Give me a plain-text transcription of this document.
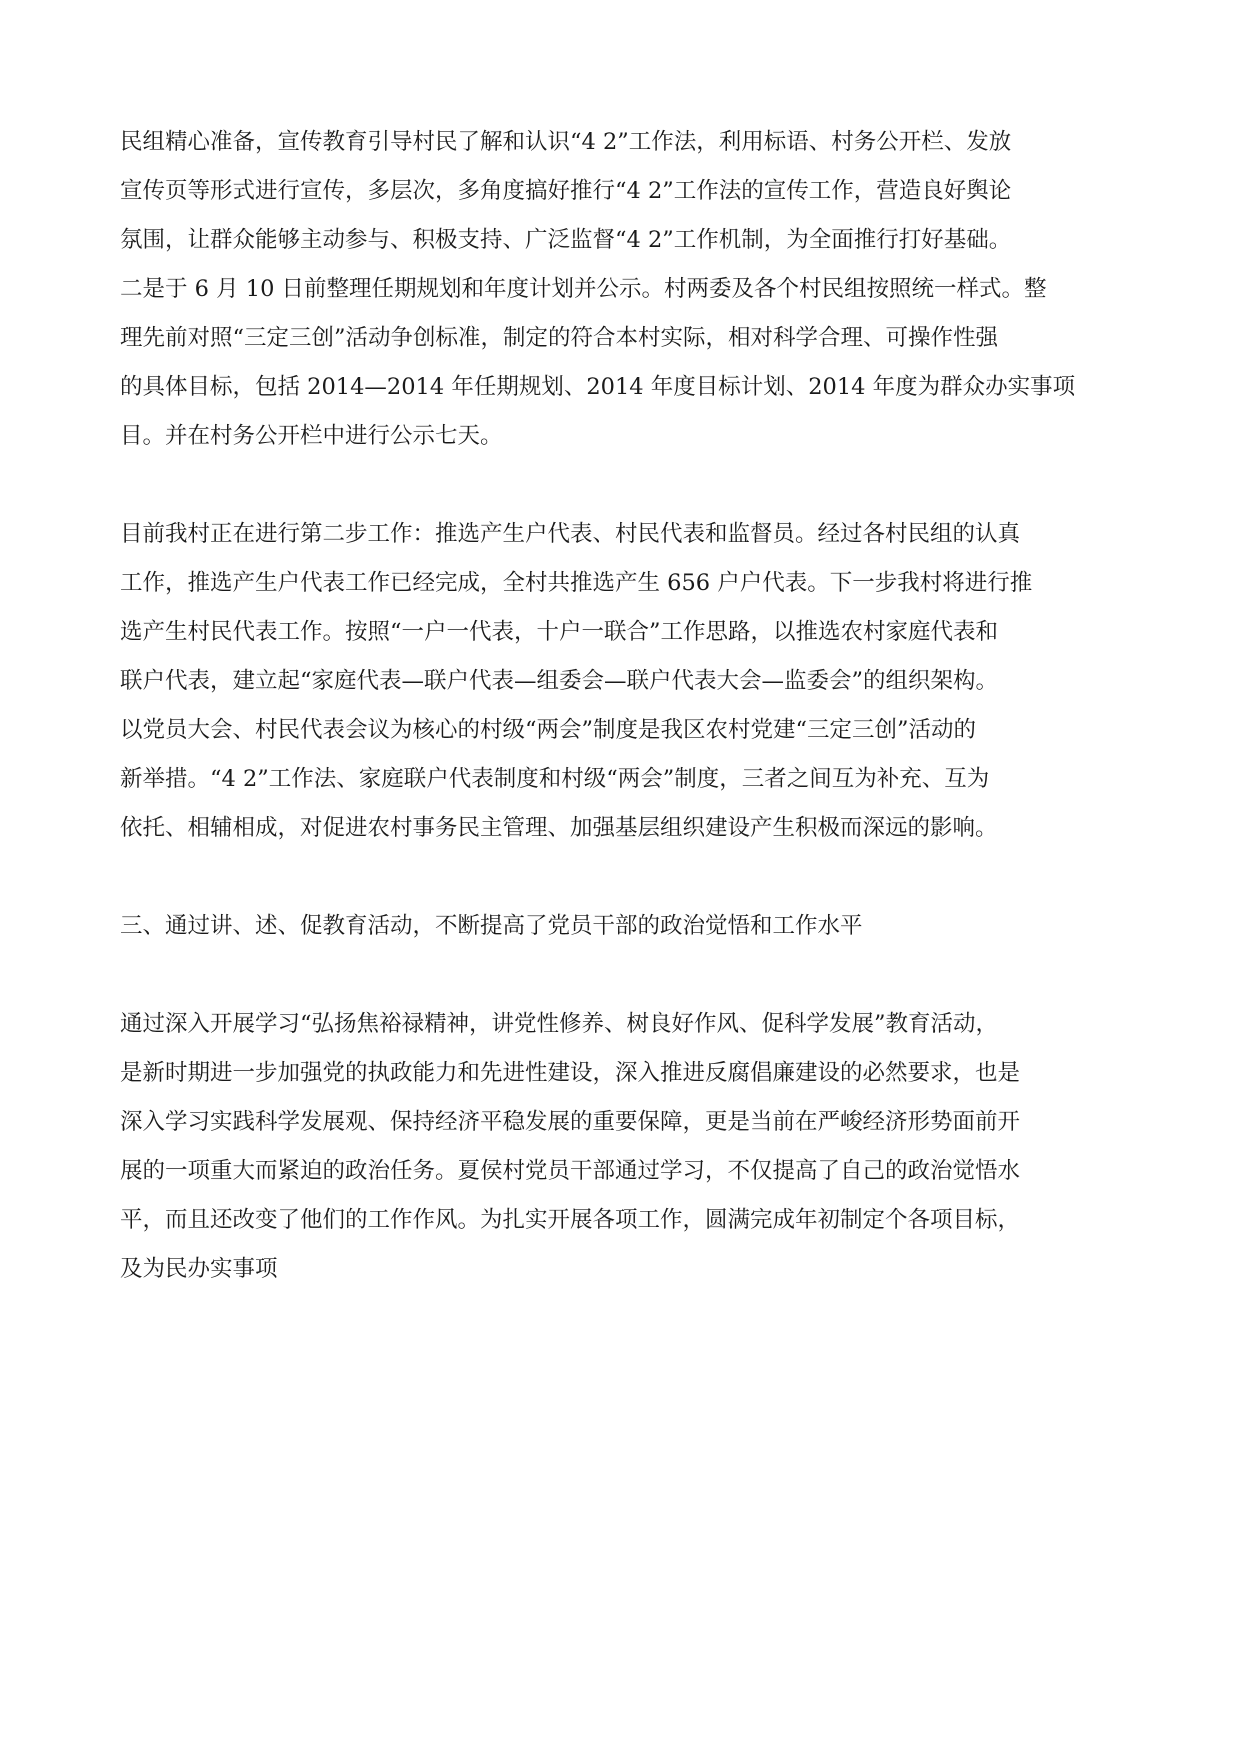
民组精心准备，宣传教育引导村民了解和认识“4 2”工作法，利用标语、村务公开栏、发放
宣传页等形式进行宣传，多层次，多角度搞好推行“4 2”工作法的宣传工作，营造良好舆论
氛围，让群众能够主动参与、积极支持、广泛监督“4 2”工作机制，为全面推行打好基础。
二是于 6 月 10 日前整理任期规划和年度计划并公示。村两委及各个村民组按照统一样式。整
理先前对照“三定三创”活动争创标准，制定的符合本村实际，相对科学合理、可操作性强
的具体目标，包括 2014—2014 年任期规划、2014 年度目标计划、2014 年度为群众办实事项
目。并在村务公开栏中进行公示七天。
目前我村正在进行第二步工作：推选产生户代表、村民代表和监督员。经过各村民组的认真
工作，推选产生户代表工作已经完成，全村共推选产生 656 户户代表。下一步我村将进行推
选产生村民代表工作。按照“一户一代表，十户一联合”工作思路，以推选农村家庭代表和
联户代表，建立起“家庭代表—联户代表—组委会—联户代表大会—监委会”的组织架构。
以党员大会、村民代表会议为核心的村级“两会”制度是我区农村党建“三定三创”活动的
新举措。“4 2”工作法、家庭联户代表制度和村级“两会”制度，三者之间互为补充、互为
依托、相辅相成，对促进农村事务民主管理、加强基层组织建设产生积极而深远的影响。
三、通过讲、述、促教育活动，不断提高了党员干部的政治觉悟和工作水平
通过深入开展学习“弘扬焦裕禄精神，讲党性修养、树良好作风、促科学发展”教育活动，
是新时期进一步加强党的执政能力和先进性建设，深入推进反腐倡廉建设的必然要求，也是
深入学习实践科学发展观、保持经济平稳发展的重要保障，更是当前在严峻经济形势面前开
展的一项重大而紧迫的政治任务。夏侯村党员干部通过学习，不仅提高了自己的政治觉悟水
平，而且还改变了他们的工作作风。为扎实开展各项工作，圆满完成年初制定个各项目标，
及为民办实事项
